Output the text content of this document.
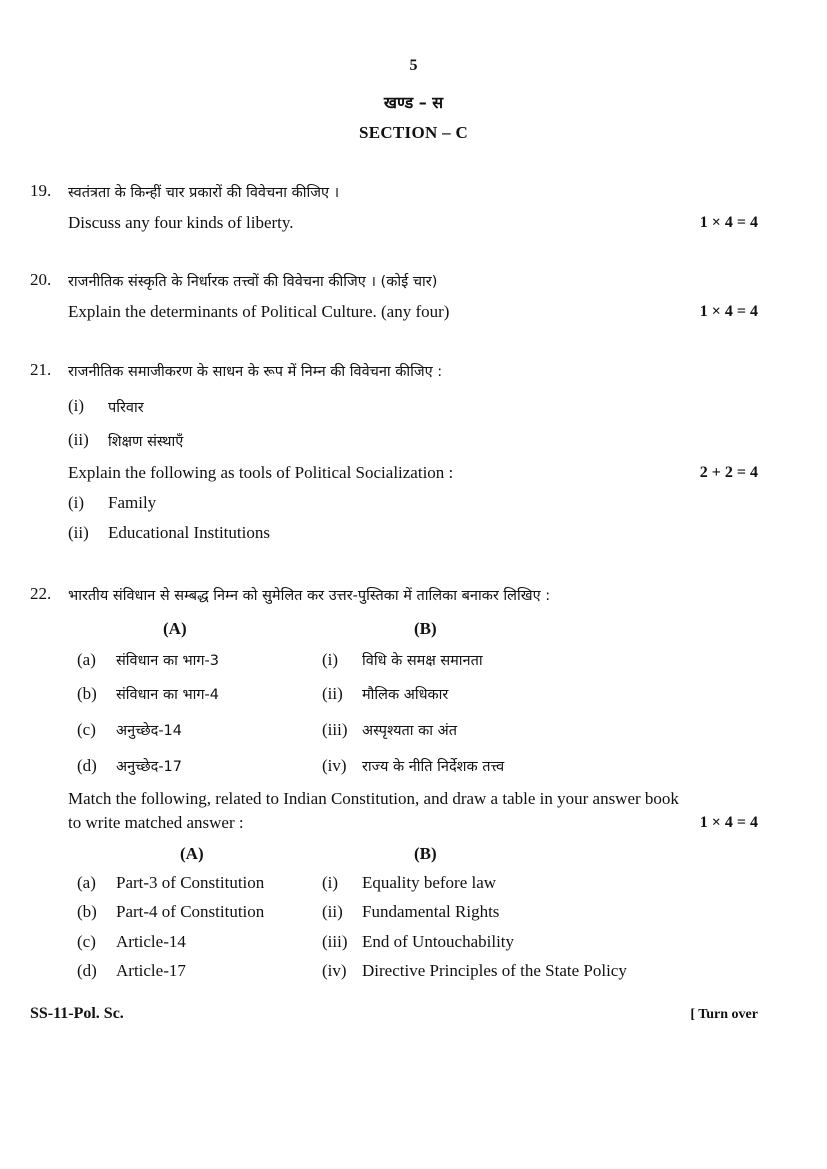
5
खण्ड – स
SECTION – C
19. स्वतंत्रता के किन्हीं चार प्रकारों की विवेचना कीजिए ।
Discuss any four kinds of liberty.	1 × 4 = 4
20. राजनीतिक संस्कृति के निर्धारक तत्त्वों की विवेचना कीजिए । (कोई चार)
Explain the determinants of Political Culture. (any four)	1 × 4 = 4
21. राजनीतिक समाजीकरण के साधन के रूप में निम्न की विवेचना कीजिए :
(i) परिवार
(ii) शिक्षण संस्थाएँ
Explain the following as tools of Political Socialization :	2 + 2 = 4
(i) Family
(ii) Educational Institutions
22. भारतीय संविधान से सम्बद्ध निम्न को सुमेलित कर उत्तर-पुस्तिका में तालिका बनाकर लिखिए :
(A)	(B)
(a) संविधान का भाग-3	(i) विधि के समक्ष समानता
(b) संविधान का भाग-4	(ii) मौलिक अधिकार
(c) अनुच्छेद-14	(iii) अस्पृश्यता का अंत
(d) अनुच्छेद-17	(iv) राज्य के नीति निर्देशक तत्त्व
Match the following, related to Indian Constitution, and draw a table in your answer book
to write matched answer :	1 × 4 = 4
(A)	(B)
(a) Part-3 of Constitution	(i) Equality before law
(b) Part-4 of Constitution	(ii) Fundamental Rights
(c) Article-14	(iii) End of Untouchability
(d) Article-17	(iv) Directive Principles of the State Policy
SS-11-Pol. Sc.	[ Turn over
